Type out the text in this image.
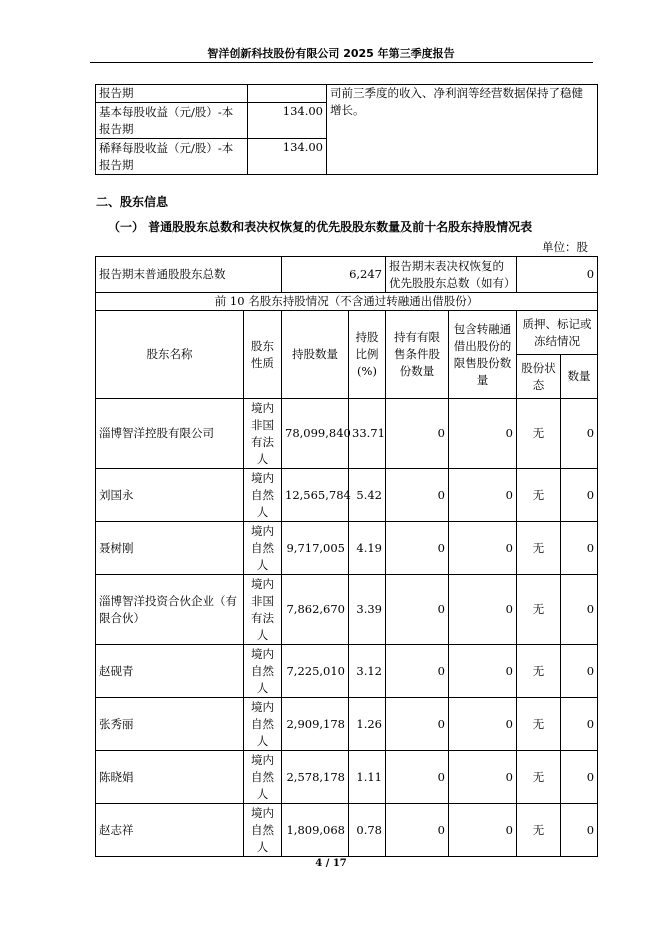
智洋创新科技股份有限公司 2025 年第三季度报告
报告期		司前三季度的收入、净利润等经营数据保持了稳健增长。
基本每股收益（元/股）-本报告期	134.00	
稀释每股收益（元/股）-本报告期	134.00	
二、股东信息
（一） 普通股股东总数和表决权恢复的优先股股东数量及前十名股东持股情况表
单位：股
报告期末普通股股东总数		6,247		报告期末表决权恢复的优先股股东总数（如有）		0	
前 10 名股东持股情况（不含通过转融通出借股份）							
股东名称	股东性质	持股数量	持股比例(%)	持有有限售条件股份数量	包含转融通借出股份的限售股份数量	质押、标记或冻结情况	
						股份状态	数量
淄博智洋控股有限公司	境内非国有法人	78,099,840	33.71	0	0	无	0
刘国永	境内自然人	12,565,784	5.42	0	0	无	0
聂树刚	境内自然人	9,717,005	4.19	0	0	无	0
淄博智洋投资合伙企业（有限合伙）	境内非国有法人	7,862,670	3.39	0	0	无	0
赵砚青	境内自然人	7,225,010	3.12	0	0	无	0
张秀丽	境内自然人	2,909,178	1.26	0	0	无	0
陈晓娟	境内自然人	2,578,178	1.11	0	0	无	0
赵志祥	境内自然人	1,809,068	0.78	0	0	无	0
4 / 17
